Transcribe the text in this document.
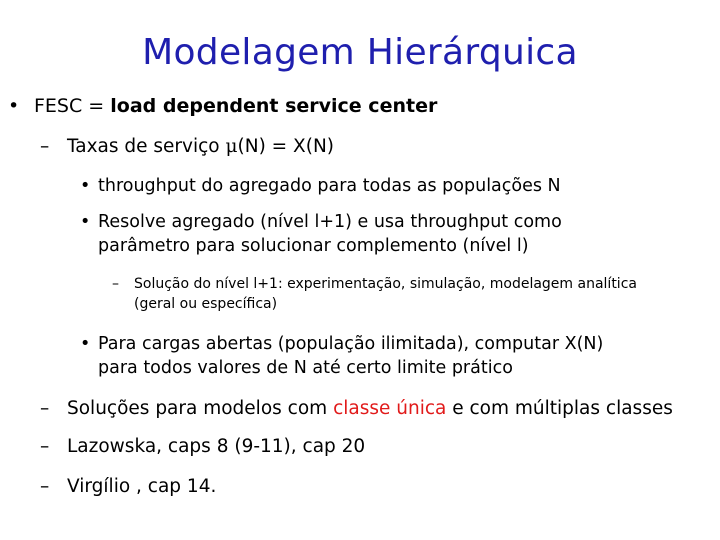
Modelagem Hierárquica
• FESC = load dependent service center
– Taxas de serviço μ(N) = X(N)
• throughput do agregado para todas as populações N
• Resolve agregado (nível l+1) e usa throughput como
parâmetro para solucionar complemento (nível l)
– Solução do nível l+1: experimentação, simulação, modelagem analítica
(geral ou específica)
• Para cargas abertas (população ilimitada), computar X(N)
para todos valores de N até certo limite prático
– Soluções para modelos com classe única e com múltiplas classes
– Lazowska, caps 8 (9-11), cap 20
– Virgílio , cap 14.
